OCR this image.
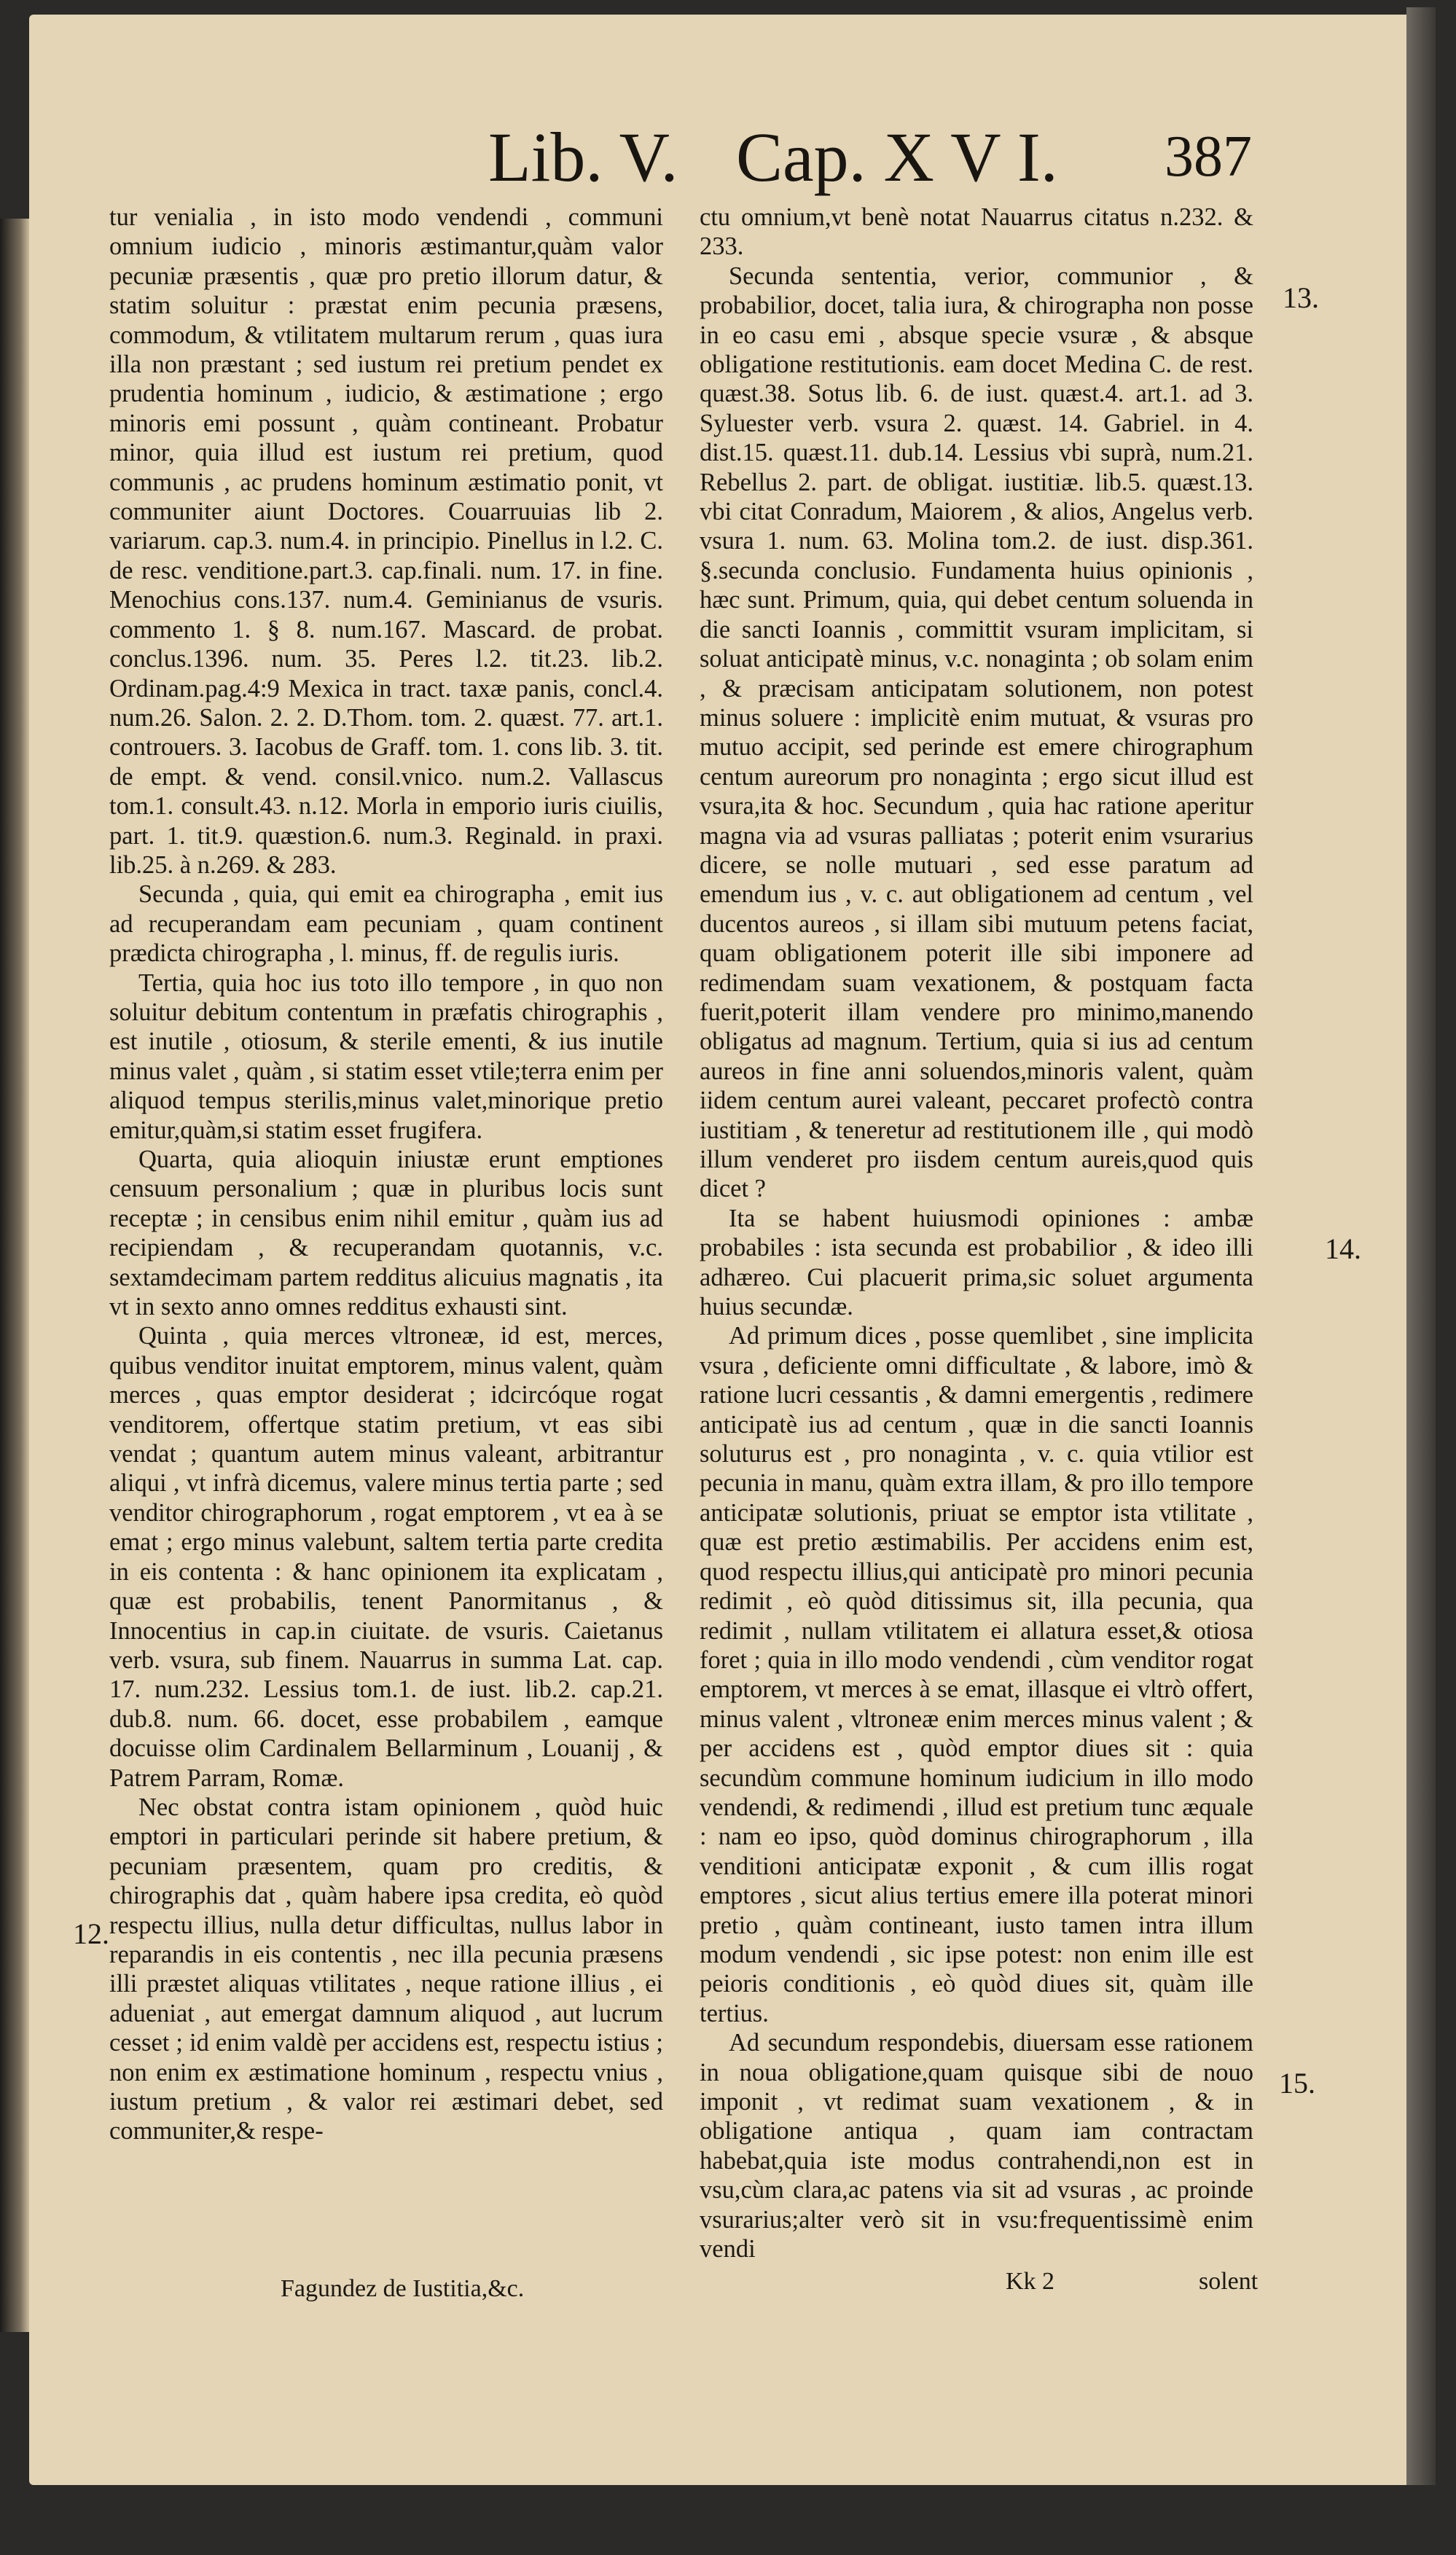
Lib. V. Cap. X V I. 387

tur venialia , in isto modo vendendi , communi omnium iudicio , minoris æstimantur,quàm valor pecuniæ præsentis , quæ pro pretio illorum datur, & statim soluitur : præstat enim pecunia præsens, commodum, & vtilitatem multarum rerum , quas iura illa non præstant ; sed iustum rei pretium pendet ex prudentia hominum , iudicio, & æstimatione ; ergo minoris emi possunt , quàm contineant. Probatur minor, quia illud est iustum rei pretium, quod communis , ac prudens hominum æstimatio ponit, vt communiter aiunt Doctores. Couarruuias lib 2. variarum. cap.3. num.4. in principio. Pinellus in l.2. C. de resc. venditione.part.3. cap.finali. num. 17. in fine. Menochius cons.137. num.4. Geminianus de vsuris. commento 1. § 8. num.167. Mascard. de probat. conclus.1396. num. 35. Peres l.2. tit.23. lib.2. Ordinam.pag.4:9 Mexica in tract. taxæ panis, concl.4. num.26. Salon. 2. 2. D.Thom. tom. 2. quæst. 77. art.1. controuers. 3. Iacobus de Graff. tom. 1. cons lib. 3. tit. de empt. & vend. consil.vnico. num.2. Vallascus tom.1. consult.43. n.12. Morla in emporio iuris ciuilis, part. 1. tit.9. quæstion.6. num.3. Reginald. in praxi. lib.25. à n.269. & 283.

Secunda , quia, qui emit ea chirographa , emit ius ad recuperandam eam pecuniam , quam continent prædicta chirographa , l. minus, ff. de regulis iuris.

Tertia, quia hoc ius toto illo tempore , in quo non soluitur debitum contentum in præfatis chirographis , est inutile , otiosum, & sterile ementi, & ius inutile minus valet , quàm , si statim esset vtile;terra enim per aliquod tempus sterilis,minus valet,minorique pretio emitur,quàm,si statim esset frugifera.

Quarta, quia alioquin iniustæ erunt emptiones censuum personalium ; quæ in pluribus locis sunt receptæ ; in censibus enim nihil emitur , quàm ius ad recipiendam , & recuperandam quotannis, v.c. sextamdecimam partem redditus alicuius magnatis , ita vt in sexto anno omnes redditus exhausti sint.

Quinta , quia merces vltroneæ, id est, merces, quibus venditor inuitat emptorem, minus valent, quàm merces , quas emptor desiderat ; idcircóque rogat venditorem, offertque statim pretium, vt eas sibi vendat ; quantum autem minus valeant, arbitrantur aliqui , vt infrà dicemus, valere minus tertia parte ; sed venditor chirographorum , rogat emptorem , vt ea à se emat ; ergo minus valebunt, saltem tertia parte credita in eis contenta : & hanc opinionem ita explicatam , quæ est probabilis, tenent Panormitanus , & Innocentius in cap.in ciuitate. de vsuris. Caietanus verb. vsura, sub finem. Nauarrus in summa Lat. cap. 17. num.232. Lessius tom.1. de iust. lib.2. cap.21. dub.8. num. 66. docet, esse probabilem , eamque docuisse olim Cardinalem Bellarminum , Louanij , & Patrem Parram, Romæ.

Nec obstat contra istam opinionem , quòd huic emptori in particulari perinde sit habere pretium, & pecuniam præsentem, quam pro creditis, & chirographis dat , quàm habere ipsa credita, eò quòd respectu illius, nulla detur difficultas, nullus labor in reparandis in eis contentis , nec illa pecunia præsens illi præstet aliquas vtilitates , neque ratione illius , ei adueniat , aut emergat damnum aliquod , aut lucrum cesset ; id enim valdè per accidens est, respectu istius ; non enim ex æstimatione hominum , respectu vnius , iustum pretium , & valor rei æstimari debet, sed communiter,& respe-

ctu omnium,vt benè notat Nauarrus citatus n.232. & 233.

Secunda sententia, verior, communior , & probabilior, docet, talia iura, & chirographa non posse in eo casu emi , absque specie vsuræ , & absque obligatione restitutionis. eam docet Medina C. de rest. quæst.38. Sotus lib. 6. de iust. quæst.4. art.1. ad 3. Syluester verb. vsura 2. quæst. 14. Gabriel. in 4. dist.15. quæst.11. dub.14. Lessius vbi suprà, num.21. Rebellus 2. part. de obligat. iustitiæ. lib.5. quæst.13. vbi citat Conradum, Maiorem , & alios, Angelus verb. vsura 1. num. 63. Molina tom.2. de iust. disp.361. §.secunda conclusio. Fundamenta huius opinionis , hæc sunt. Primum, quia, qui debet centum soluenda in die sancti Ioannis , committit vsuram implicitam, si soluat anticipatè minus, v.c. nonaginta ; ob solam enim , & præcisam anticipatam solutionem, non potest minus soluere : implicitè enim mutuat, & vsuras pro mutuo accipit, sed perinde est emere chirographum centum aureorum pro nonaginta ; ergo sicut illud est vsura,ita & hoc. Secundum , quia hac ratione aperitur magna via ad vsuras palliatas ; poterit enim vsurarius dicere, se nolle mutuari , sed esse paratum ad emendum ius , v. c. aut obligationem ad centum , vel ducentos aureos , si illam sibi mutuum petens faciat, quam obligationem poterit ille sibi imponere ad redimendam suam vexationem, & postquam facta fuerit,poterit illam vendere pro minimo,manendo obligatus ad magnum. Tertium, quia si ius ad centum aureos in fine anni soluendos,minoris valent, quàm iidem centum aurei valeant, peccaret profectò contra iustitiam , & teneretur ad restitutionem ille , qui modò illum venderet pro iisdem centum aureis,quod quis dicet ?

Ita se habent huiusmodi opiniones : ambæ probabiles : ista secunda est probabilior , & ideo illi adhæreo. Cui placuerit prima,sic soluet argumenta huius secundæ.

Ad primum dices , posse quemlibet , sine implicita vsura , deficiente omni difficultate , & labore, imò & ratione lucri cessantis , & damni emergentis , redimere anticipatè ius ad centum , quæ in die sancti Ioannis soluturus est , pro nonaginta , v. c. quia vtilior est pecunia in manu, quàm extra illam, & pro illo tempore anticipatæ solutionis, priuat se emptor ista vtilitate , quæ est pretio æstimabilis. Per accidens enim est, quod respectu illius,qui anticipatè pro minori pecunia redimit , eò quòd ditissimus sit, illa pecunia, qua redimit , nullam vtilitatem ei allatura esset,& otiosa foret ; quia in illo modo vendendi , cùm venditor rogat emptorem, vt merces à se emat, illasque ei vltrò offert, minus valent , vltroneæ enim merces minus valent ; & per accidens est , quòd emptor diues sit : quia secundùm commune hominum iudicium in illo modo vendendi, & redimendi , illud est pretium tunc æquale : nam eo ipso, quòd dominus chirographorum , illa venditioni anticipatæ exponit , & cum illis rogat emptores , sicut alius tertius emere illa poterat minori pretio , quàm contineant, iusto tamen intra illum modum vendendi , sic ipse potest: non enim ille est peioris conditionis , eò quòd diues sit, quàm ille tertius.

Ad secundum respondebis, diuersam esse rationem in noua obligatione,quam quisque sibi de nouo imponit , vt redimat suam vexationem , & in obligatione antiqua , quam iam contractam habebat,quia iste modus contrahendi,non est in vsu,cùm clara,ac patens via sit ad vsuras , ac proinde vsurarius;alter verò sit in vsu:frequentissimè enim vendi

12.
13.
14.
15.
Fagundez de Iustitia,&c.	Kk 2	solent
